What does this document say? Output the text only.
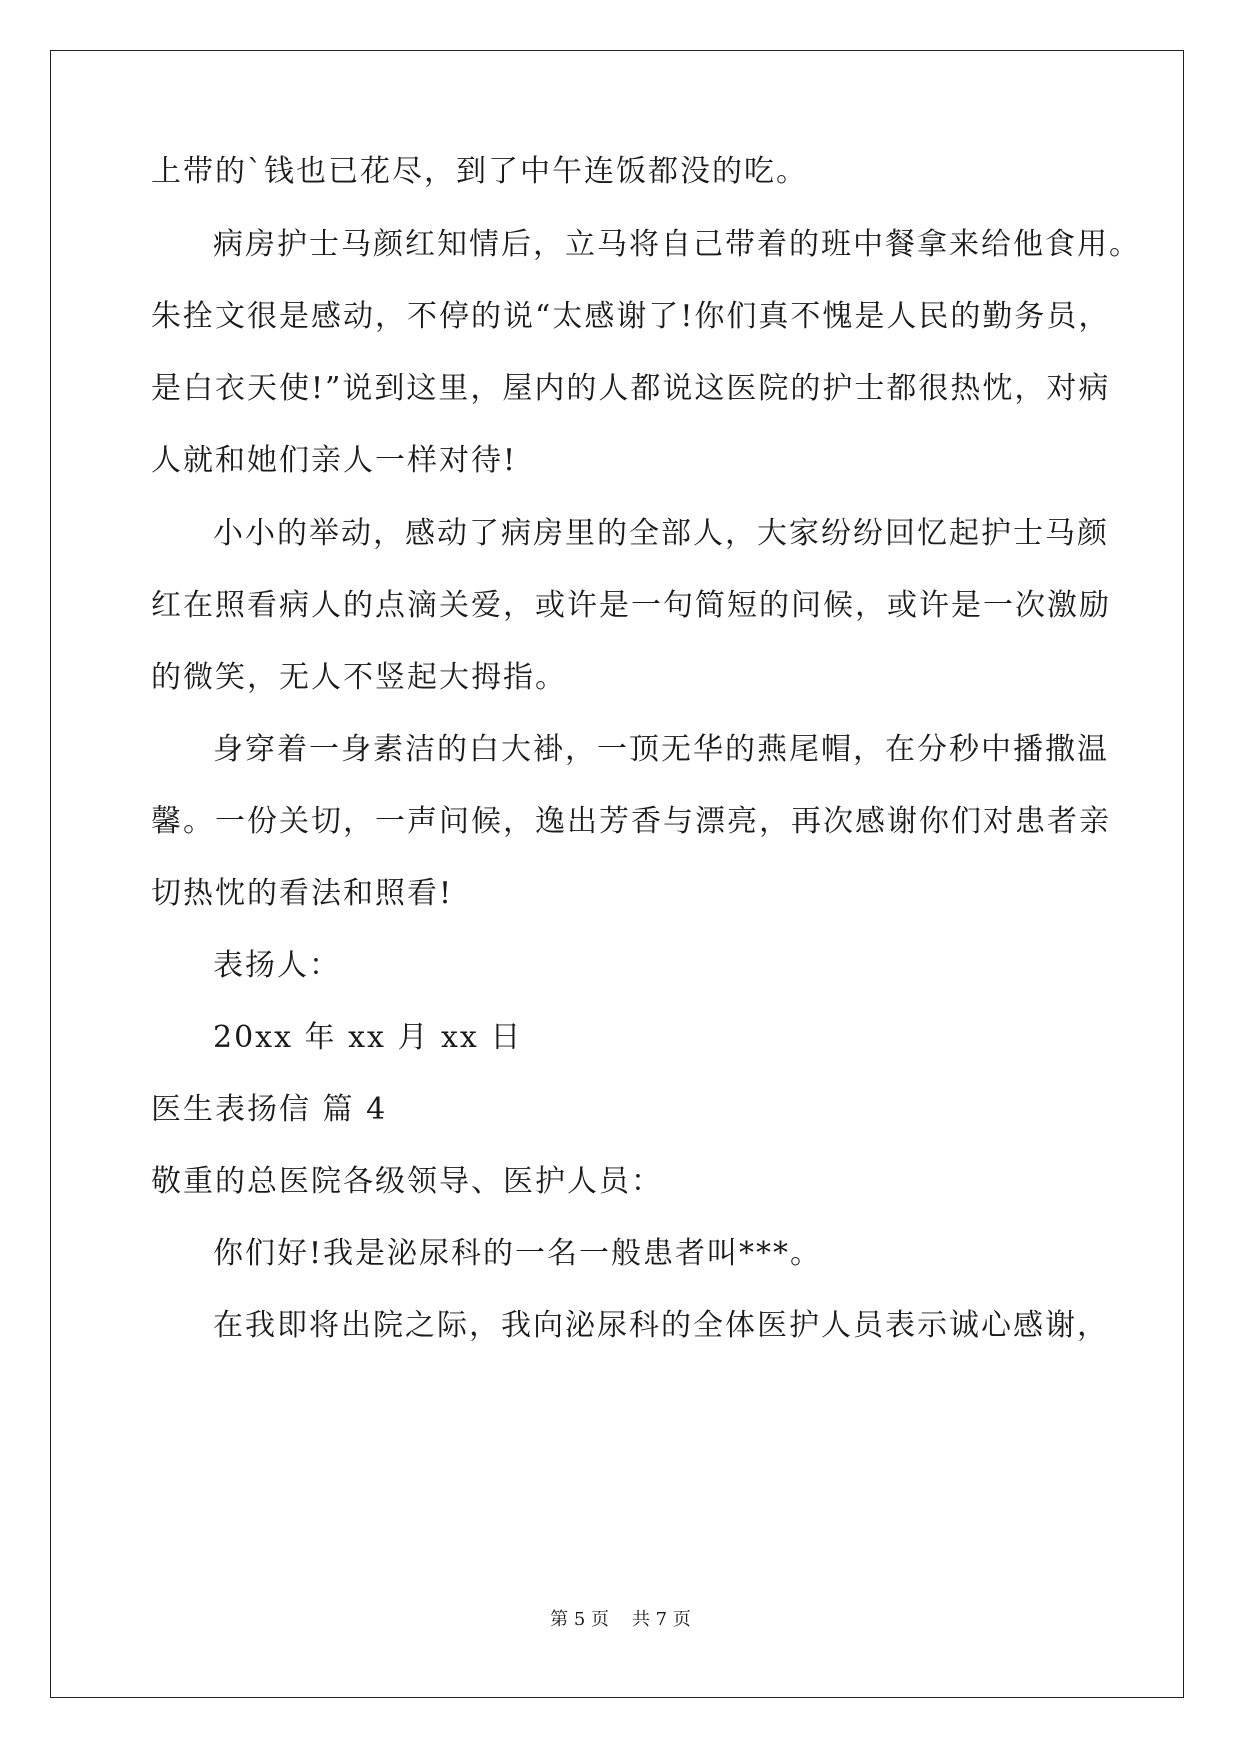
上带的`钱也已花尽，到了中午连饭都没的吃。
病房护士马颜红知情后，立马将自己带着的班中餐拿来给他食用。
朱拴文很是感动，不停的说“太感谢了!你们真不愧是人民的勤务员，
是白衣天使!”说到这里，屋内的人都说这医院的护士都很热忱，对病
人就和她们亲人一样对待!
小小的举动，感动了病房里的全部人，大家纷纷回忆起护士马颜
红在照看病人的点滴关爱，或许是一句简短的问候，或许是一次激励
的微笑，无人不竖起大拇指。
身穿着一身素洁的白大褂，一顶无华的燕尾帽，在分秒中播撒温
馨。一份关切，一声问候，逸出芳香与漂亮，再次感谢你们对患者亲
切热忱的看法和照看!
表扬人：
20xx 年 xx 月 xx 日
医生表扬信 篇 4
敬重的总医院各级领导、医护人员：
你们好!我是泌尿科的一名一般患者叫***。
在我即将出院之际，我向泌尿科的全体医护人员表示诚心感谢，
第 5 页    共 7 页
